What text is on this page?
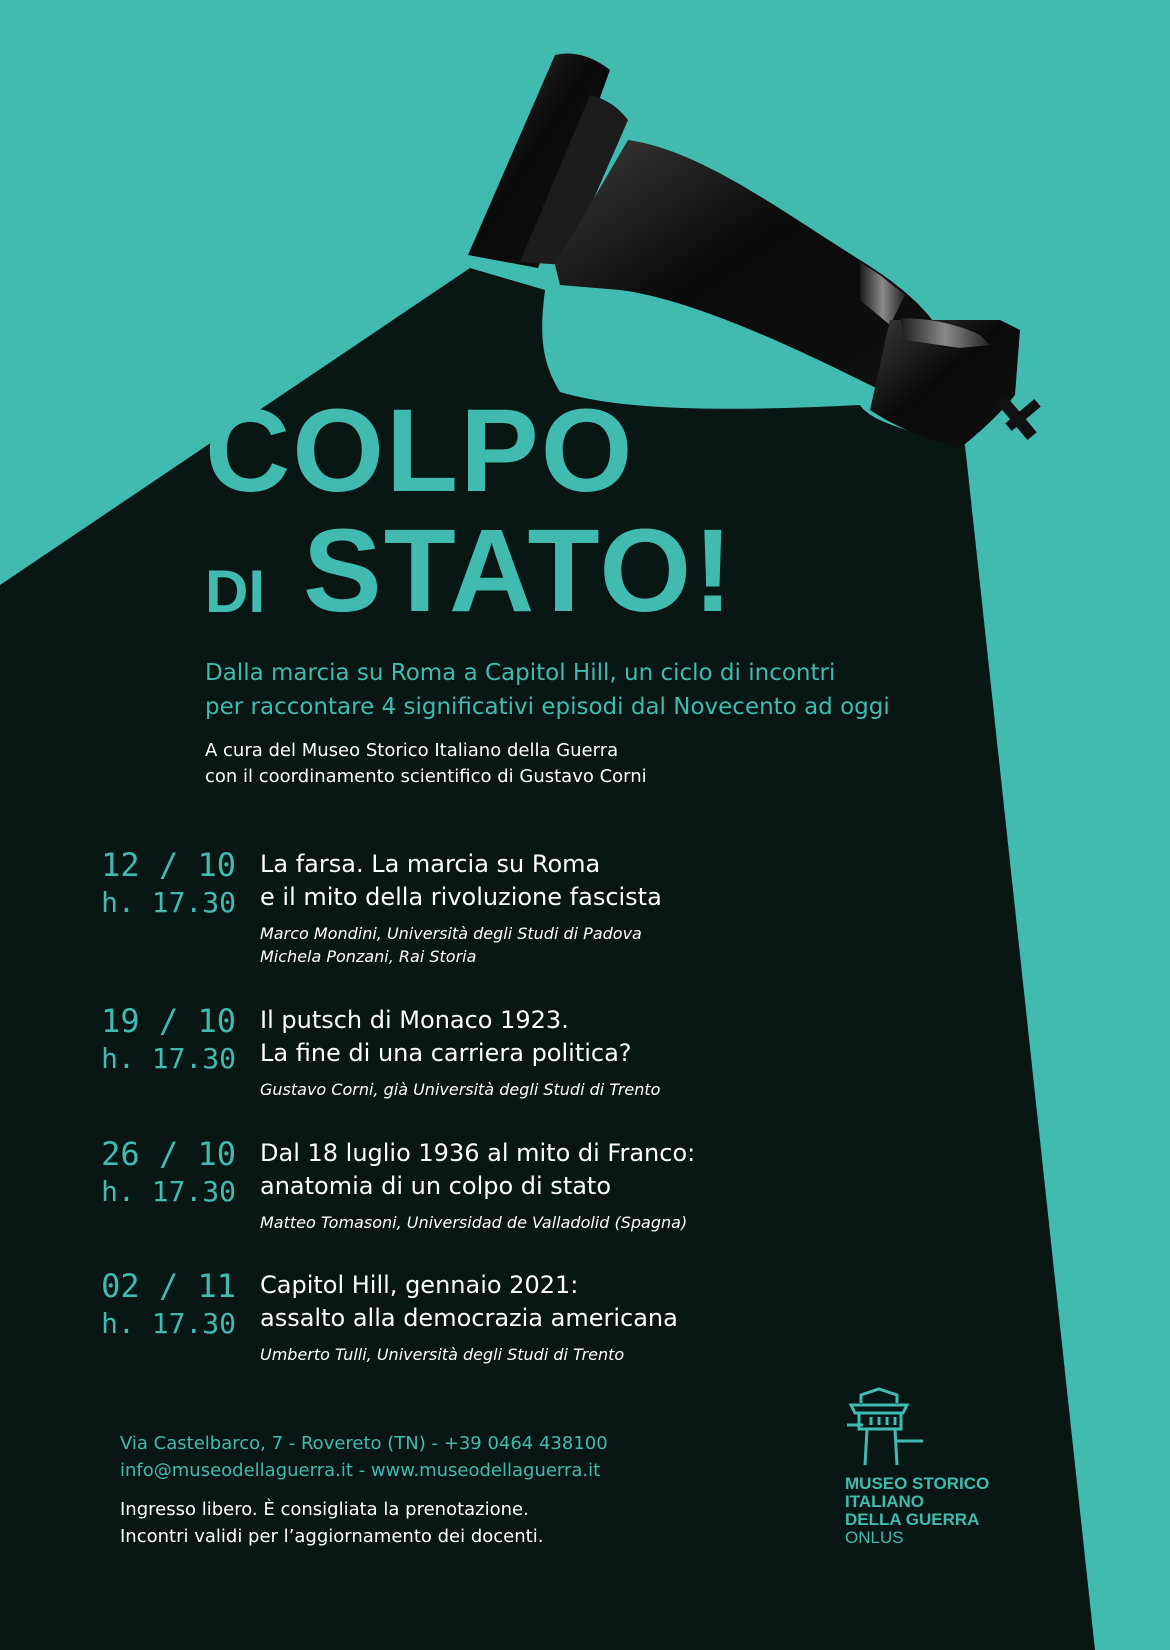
COLPO
DI STATO!
Dalla marcia su Roma a Capitol Hill, un ciclo di incontri
per raccontare 4 significativi episodi dal Novecento ad oggi
A cura del Museo Storico Italiano della Guerra
con il coordinamento scientifico di Gustavo Corni
12 / 10
h. 17.30
La farsa. La marcia su Roma
e il mito della rivoluzione fascista
Marco Mondini, Università degli Studi di Padova
Michela Ponzani, Rai Storia
19 / 10
h. 17.30
Il putsch di Monaco 1923.
La fine di una carriera politica?
Gustavo Corni, già Università degli Studi di Trento
26 / 10
h. 17.30
Dal 18 luglio 1936 al mito di Franco:
anatomia di un colpo di stato
Matteo Tomasoni, Universidad de Valladolid (Spagna)
02 / 11
h. 17.30
Capitol Hill, gennaio 2021:
assalto alla democrazia americana
Umberto Tulli, Università degli Studi di Trento
Via Castelbarco, 7 - Rovereto (TN) - +39 0464 438100
info@museodellaguerra.it - www.museodellaguerra.it
Ingresso libero. È consigliata la prenotazione.
Incontri validi per l’aggiornamento dei docenti.
MUSEO STORICO
ITALIANO
DELLA GUERRA
ONLUS
